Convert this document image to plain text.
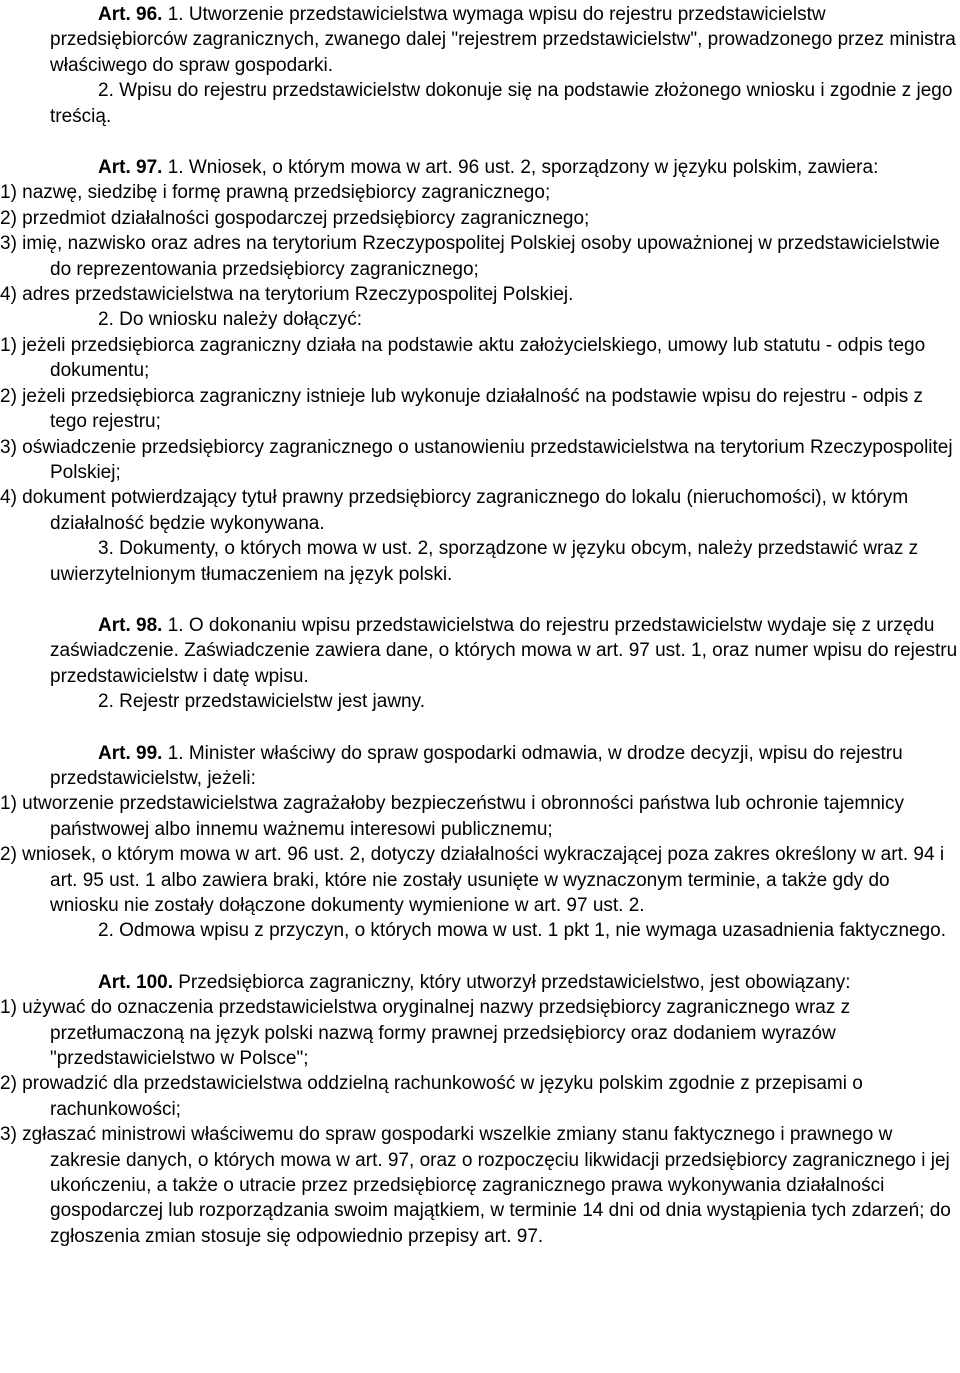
Art. 96. 1. Utworzenie przedstawicielstwa wymaga wpisu do rejestru przedstawicielstw przedsiębiorców zagranicznych, zwanego dalej "rejestrem przedstawicielstw", prowadzonego przez ministra właściwego do spraw gospodarki.

2. Wpisu do rejestru przedstawicielstw dokonuje się na podstawie złożonego wniosku i zgodnie z jego treścią.

Art. 97. 1. Wniosek, o którym mowa w art. 96 ust. 2, sporządzony w języku polskim, zawiera:

1) nazwę, siedzibę i formę prawną przedsiębiorcy zagranicznego;

2) przedmiot działalności gospodarczej przedsiębiorcy zagranicznego;

3) imię, nazwisko oraz adres na terytorium Rzeczypospolitej Polskiej osoby upoważnionej w przedstawicielstwie do reprezentowania przedsiębiorcy zagranicznego;

4) adres przedstawicielstwa na terytorium Rzeczypospolitej Polskiej.

2. Do wniosku należy dołączyć:

1) jeżeli przedsiębiorca zagraniczny działa na podstawie aktu założycielskiego, umowy lub statutu - odpis tego dokumentu;

2) jeżeli przedsiębiorca zagraniczny istnieje lub wykonuje działalność na podstawie wpisu do rejestru - odpis z tego rejestru;

3) oświadczenie przedsiębiorcy zagranicznego o ustanowieniu przedstawicielstwa na terytorium Rzeczypospolitej Polskiej;

4) dokument potwierdzający tytuł prawny przedsiębiorcy zagranicznego do lokalu (nieruchomości), w którym działalność będzie wykonywana.

3. Dokumenty, o których mowa w ust. 2, sporządzone w języku obcym, należy przedstawić wraz z uwierzytelnionym tłumaczeniem na język polski.

Art. 98. 1. O dokonaniu wpisu przedstawicielstwa do rejestru przedstawicielstw wydaje się z urzędu zaświadczenie. Zaświadczenie zawiera dane, o których mowa w art. 97 ust. 1, oraz numer wpisu do rejestru przedstawicielstw i datę wpisu.

2. Rejestr przedstawicielstw jest jawny.

Art. 99. 1. Minister właściwy do spraw gospodarki odmawia, w drodze decyzji, wpisu do rejestru przedstawicielstw, jeżeli:

1) utworzenie przedstawicielstwa zagrażałoby bezpieczeństwu i obronności państwa lub ochronie tajemnicy państwowej albo innemu ważnemu interesowi publicznemu;

2) wniosek, o którym mowa w art. 96 ust. 2, dotyczy działalności wykraczającej poza zakres określony w art. 94 i art. 95 ust. 1 albo zawiera braki, które nie zostały usunięte w wyznaczonym terminie, a także gdy do wniosku nie zostały dołączone dokumenty wymienione w art. 97 ust. 2.

2. Odmowa wpisu z przyczyn, o których mowa w ust. 1 pkt 1, nie wymaga uzasadnienia faktycznego.

Art. 100. Przedsiębiorca zagraniczny, który utworzył przedstawicielstwo, jest obowiązany:

1) używać do oznaczenia przedstawicielstwa oryginalnej nazwy przedsiębiorcy zagranicznego wraz z przetłumaczoną na język polski nazwą formy prawnej przedsiębiorcy oraz dodaniem wyrazów "przedstawicielstwo w Polsce";

2) prowadzić dla przedstawicielstwa oddzielną rachunkowość w języku polskim zgodnie z przepisami o rachunkowości;

3) zgłaszać ministrowi właściwemu do spraw gospodarki wszelkie zmiany stanu faktycznego i prawnego w zakresie danych, o których mowa w art. 97, oraz o rozpoczęciu likwidacji przedsiębiorcy zagranicznego i jej ukończeniu, a także o utracie przez przedsiębiorcę zagranicznego prawa wykonywania działalności gospodarczej lub rozporządzania swoim majątkiem, w terminie 14 dni od dnia wystąpienia tych zdarzeń; do zgłoszenia zmian stosuje się odpowiednio przepisy art. 97.
